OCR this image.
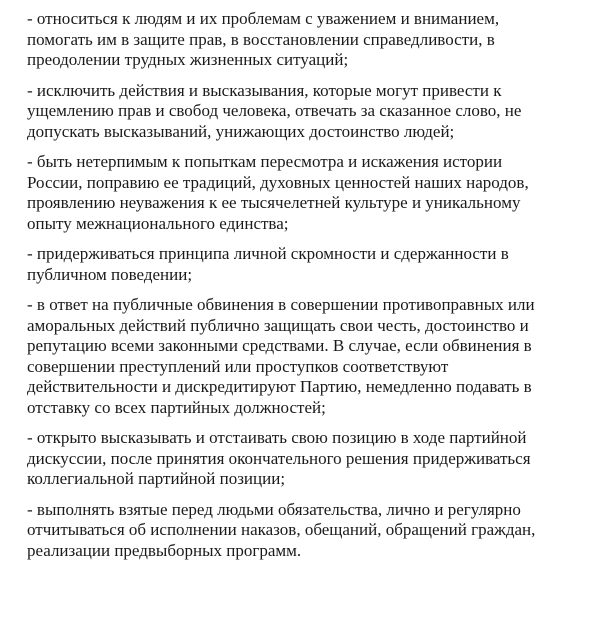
- относиться к людям и их проблемам с уважением и вниманием,
помогать им в защите прав, в восстановлении справедливости, в
преодолении трудных жизненных ситуаций;

- исключить действия и высказывания, которые могут привести к
ущемлению прав и свобод человека, отвечать за сказанное слово, не
допускать высказываний, унижающих достоинство людей;

- быть нетерпимым к попыткам пересмотра и искажения истории
России, поправию ее традиций, духовных ценностей наших народов,
проявлению неуважения к ее тысячелетней культуре и уникальному
опыту межнационального единства;

- придерживаться принципа личной скромности и сдержанности в
публичном поведении;

- в ответ на публичные обвинения в совершении противоправных или
аморальных действий публично защищать свои честь, достоинство и
репутацию всеми законными средствами. В случае, если обвинения в
совершении преступлений или проступков соответствуют
действительности и дискредитируют Партию, немедленно подавать в
отставку со всех партийных должностей;

- открыто высказывать и отстаивать свою позицию в ходе партийной
дискуссии, после принятия окончательного решения придерживаться
коллегиальной партийной позиции;

- выполнять взятые перед людьми обязательства, лично и регулярно
отчитываться об исполнении наказов, обещаний, обращений граждан,
реализации предвыборных программ.
